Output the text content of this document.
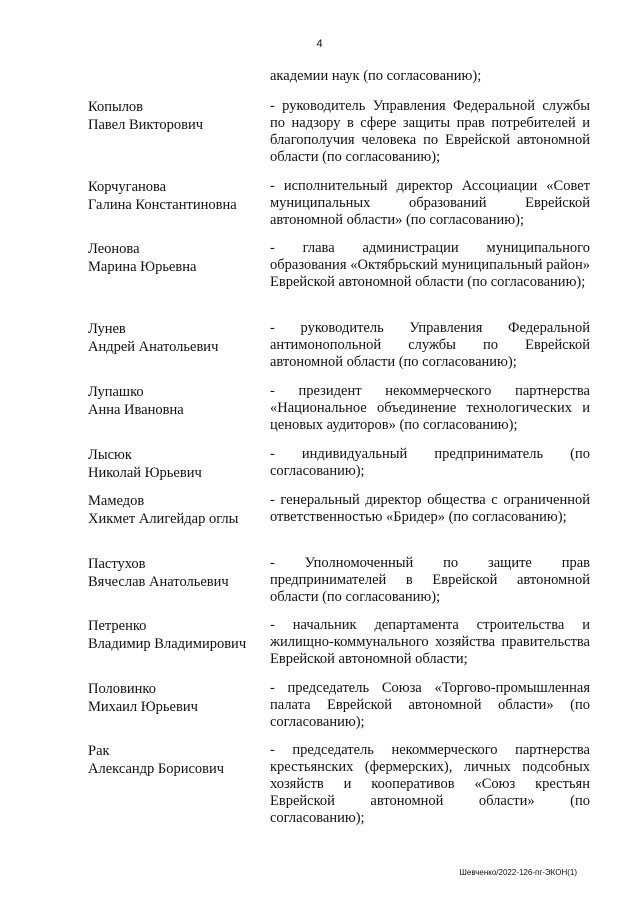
4
академии наук (по согласованию);
Копылов
Павел Викторович
- руководитель Управления Федеральной службы по надзору в сфере защиты прав потребителей и благополучия человека по Еврейской автономной области (по согласованию);
Корчуганова
Галина Константиновна
- исполнительный директор Ассоциации «Совет муниципальных образований Еврейской автономной области» (по согласованию);
Леонова
Марина Юрьевна
- глава администрации муниципального образования «Октябрьский муниципальный район» Еврейской автономной области (по согласованию);
Лунев
Андрей Анатольевич
- руководитель Управления Федеральной антимонопольной службы по Еврейской автономной области (по согласованию);
Лупашко
Анна Ивановна
- президент некоммерческого партнерства «Национальное объединение технологических и ценовых аудиторов» (по согласованию);
Лысюк
Николай Юрьевич
- индивидуальный предприниматель (по согласованию);
Мамедов
Хикмет Алигейдар оглы
- генеральный директор общества с ограниченной ответственностью «Бридер» (по согласованию);
Пастухов
Вячеслав Анатольевич
- Уполномоченный по защите прав предпринимателей в Еврейской автономной области (по согласованию);
Петренко
Владимир Владимирович
- начальник департамента строительства и жилищно-коммунального хозяйства правительства Еврейской автономной области;
Половинко
Михаил Юрьевич
- председатель Союза «Торгово-промышленная палата Еврейской автономной области» (по согласованию);
Рак
Александр Борисович
- председатель некоммерческого партнерства крестьянских (фермерских), личных подсобных хозяйств и кооперативов «Союз крестьян Еврейской автономной области» (по согласованию);
Шевченко/2022-126-пг-ЭКОН(1)
